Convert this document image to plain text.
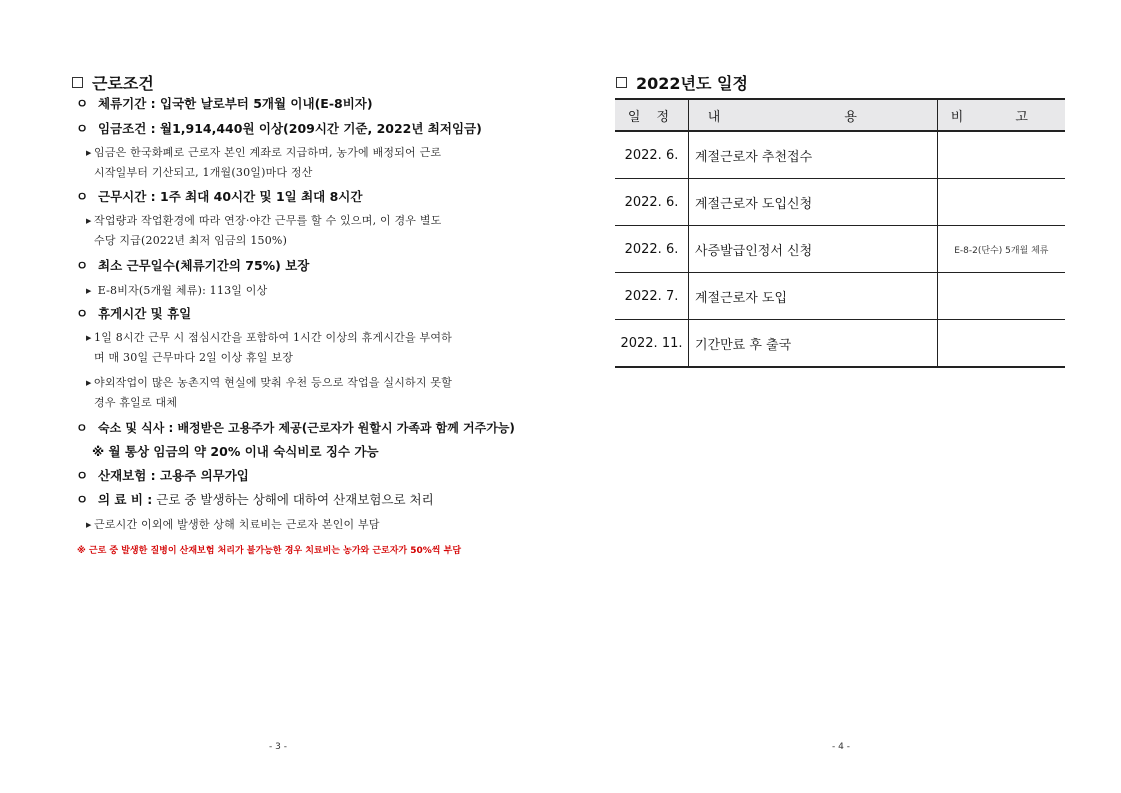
근로조건
ㅇ 체류기간 : 입국한 날로부터 5개월 이내(E-8비자)
ㅇ 임금조건 : 월1,914,440원 이상(209시간 기준, 2022년 최저임금)
▶ 임금은 한국화폐로 근로자 본인 계좌로 지급하며, 농가에 배정되어 근로
시작일부터 기산되고, 1개월(30일)마다 정산
ㅇ 근무시간 : 1주 최대 40시간 및 1일 최대 8시간
▶ 작업량과 작업환경에 따라 연장·야간 근무를 할 수 있으며, 이 경우 별도
수당 지급(2022년 최저 임금의 150%)
ㅇ 최소 근무일수(체류기간의 75%) 보장
▶ E-8비자(5개월 체류): 113일 이상
ㅇ 휴게시간 및 휴일
▶ 1일 8시간 근무 시 점심시간을 포함하여 1시간 이상의 휴게시간을 부여하
며 매 30일 근무마다 2일 이상 휴일 보장
▶ 야외작업이 많은 농촌지역 현실에 맞춰 우천 등으로 작업을 실시하지 못할
경우 휴일로 대체
ㅇ 숙소 및 식사 : 배정받은 고용주가 제공(근로자가 원할시 가족과 함께 거주가능)
※ 월 통상 임금의 약 20% 이내 숙식비로 징수 가능
ㅇ 산재보험 : 고용주 의무가입
ㅇ 의 료 비 : 근로 중 발생하는 상해에 대하여 산재보험으로 처리
▶ 근로시간 이외에 발생한 상해 치료비는 근로자 본인이 부담
※ 근로 중 발생한 질병이 산재보험 처리가 불가능한 경우 치료비는 농가와 근로자가 50%씩 부담
- 3 -
2022년도 일정
일 정	내 용	비 고
2022. 6.	계절근로자 추천접수	
2022. 6.	계절근로자 도입신청	
2022. 6.	사증발급인정서 신청	E-8-2(단수) 5개월 체류
2022. 7.	계절근로자 도입	
2022. 11.	기간만료 후 출국	
- 4 -
